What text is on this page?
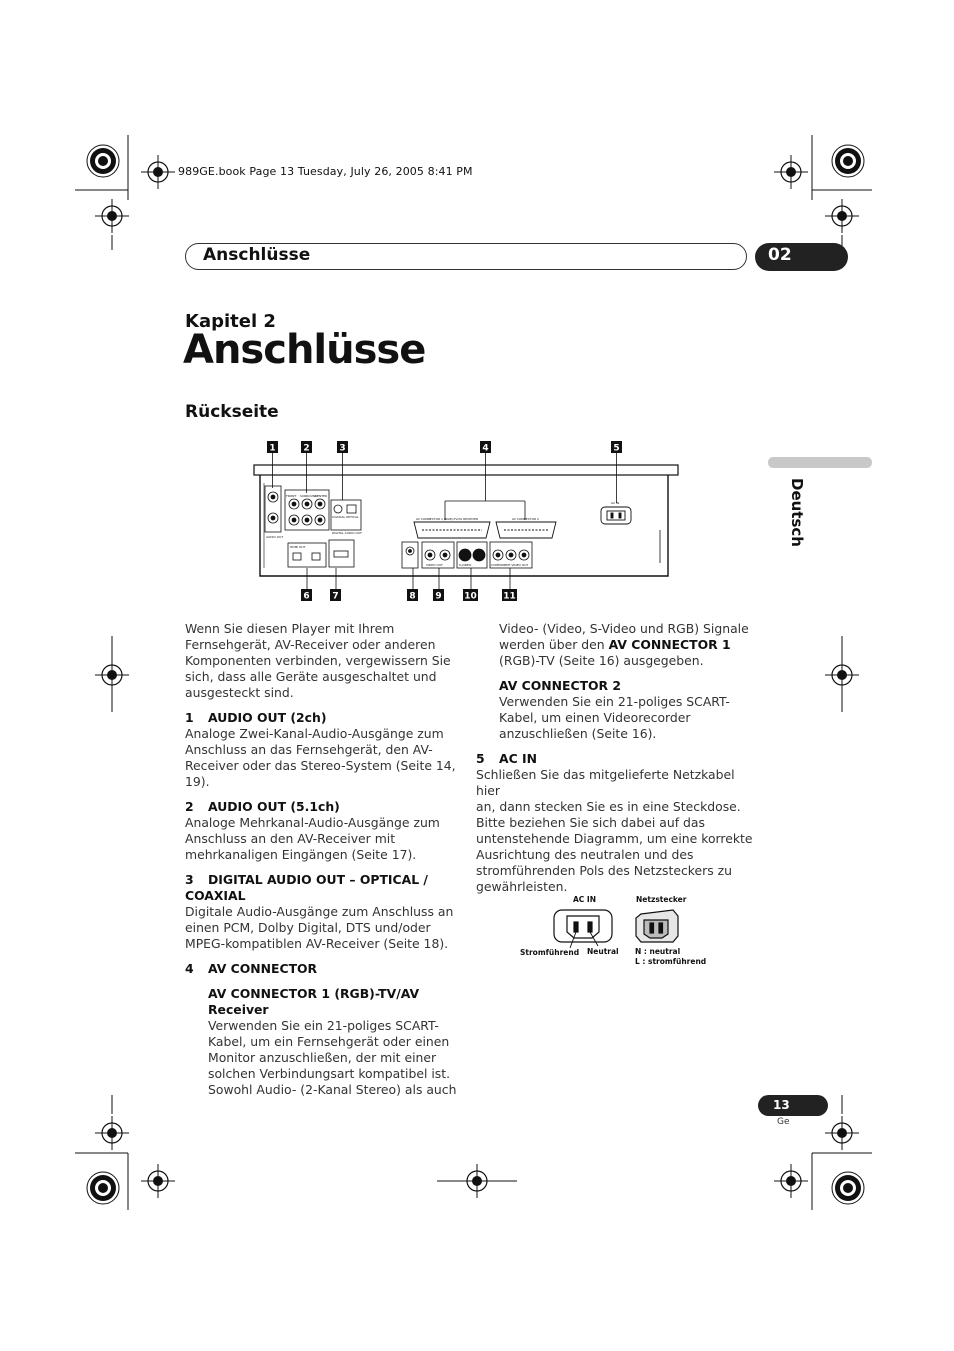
989GE.book Page 13 Tuesday, July 26, 2005 8:41 PM
Anschlüsse	02
Kapitel 2
Anschlüsse
Rückseite
Deutsch
1	2	3	4	5
AC IN
AV CONNECTOR 1 (RGB)-TV/AV RECEIVER	AV CONNECTOR 2
AUDIO OUT
FRONT SURROUND
CENTER
DIGITAL AUDIO OUT
OPTICAL
COAXIAL
HDMI OUT
VIDEO OUT	S-VIDEO	COMPONENT VIDEO OUT
6	7	8 9	10	11

Wenn Sie diesen Player mit Ihrem

Fernsehgerät, AV-Receiver oder anderen

Komponenten verbinden, vergewissern Sie

sich, dass alle Geräte ausgeschaltet und

ausgesteckt sind.

1 AUDIO OUT (2ch)

Analoge Zwei-Kanal-Audio-Ausgänge zum

Anschluss an das Fernsehgerät, den AV-

Receiver oder das Stereo-System (Seite 14, 19).

2 AUDIO OUT (5.1ch)

Analoge Mehrkanal-Audio-Ausgänge zum

Anschluss an den AV-Receiver mit

mehrkanaligen Eingängen (Seite 17).

3 DIGITAL AUDIO OUT – OPTICAL /

COAXIAL

Digitale Audio-Ausgänge zum Anschluss an

einen PCM, Dolby Digital, DTS und/oder

MPEG-kompatiblen AV-Receiver (Seite 18).

4 AV CONNECTOR

AV CONNECTOR 1 (RGB)-TV/AV

Receiver

Verwenden Sie ein 21-poliges SCART-

Kabel, um ein Fernsehgerät oder einen

Monitor anzuschließen, der mit einer

solchen Verbindungsart kompatibel ist.

Sowohl Audio- (2-Kanal Stereo) als auch

Video- (Video, S-Video und RGB) Signale

werden über den AV CONNECTOR 1

(RGB)-TV (Seite 16) ausgegeben.

AV CONNECTOR 2

Verwenden Sie ein 21-poliges SCART-

Kabel, um einen Videorecorder

anzuschließen (Seite 16).

5 AC IN

Schließen Sie das mitgelieferte Netzkabel hier

an, dann stecken Sie es in eine Steckdose.

Bitte beziehen Sie sich dabei auf das

untenstehende Diagramm, um eine korrekte

Ausrichtung des neutralen und des

stromführenden Pols des Netzsteckers zu

gewährleisten.

AC IN	Netzstecker
Stromführend Neutral N : neutral
L : stromführend
13
Ge
